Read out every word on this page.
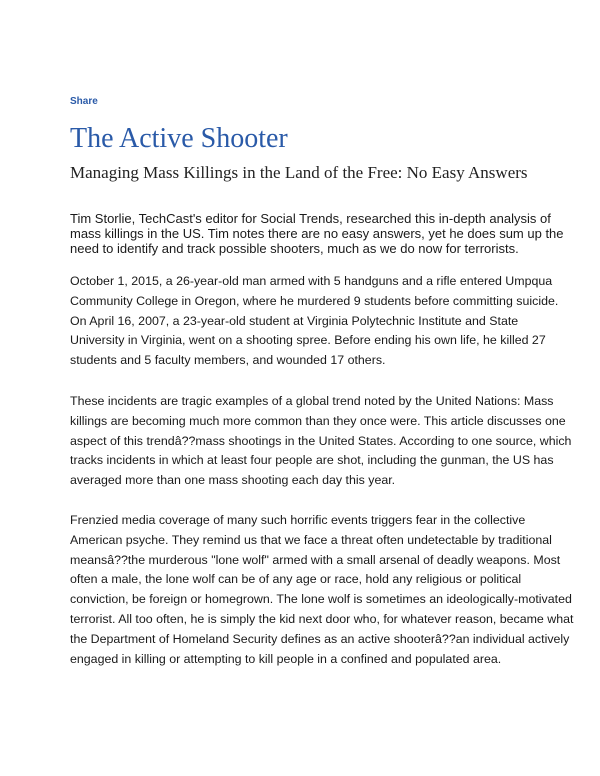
Share
The Active Shooter
Managing Mass Killings in the Land of the Free: No Easy Answers

Tim Storlie, TechCast's editor for Social Trends, researched this in-depth analysis of mass killings in the US. Tim notes there are no easy answers, yet he does sum up the need to identify and track possible shooters, much as we do now for terrorists.

October 1, 2015, a 26-year-old man armed with 5 handguns and a rifle entered Umpqua Community College in Oregon, where he murdered 9 students before committing suicide. On April 16, 2007, a 23-year-old student at Virginia Polytechnic Institute and State University in Virginia, went on a shooting spree. Before ending his own life, he killed 27 students and 5 faculty members, and wounded 17 others.

These incidents are tragic examples of a global trend noted by the United Nations: Mass killings are becoming much more common than they once were. This article discusses one aspect of this trendâ??mass shootings in the United States. According to one source, which tracks incidents in which at least four people are shot, including the gunman, the US has averaged more than one mass shooting each day this year.

Frenzied media coverage of many such horrific events triggers fear in the collective American psyche. They remind us that we face a threat often undetectable by traditional meansâ??the murderous "lone wolf" armed with a small arsenal of deadly weapons. Most often a male, the lone wolf can be of any age or race, hold any religious or political conviction, be foreign or homegrown. The lone wolf is sometimes an ideologically-motivated terrorist. All too often, he is simply the kid next door who, for whatever reason, became what the Department of Homeland Security defines as an active shooterâ??an individual actively engaged in killing or attempting to kill people in a confined and populated area.
